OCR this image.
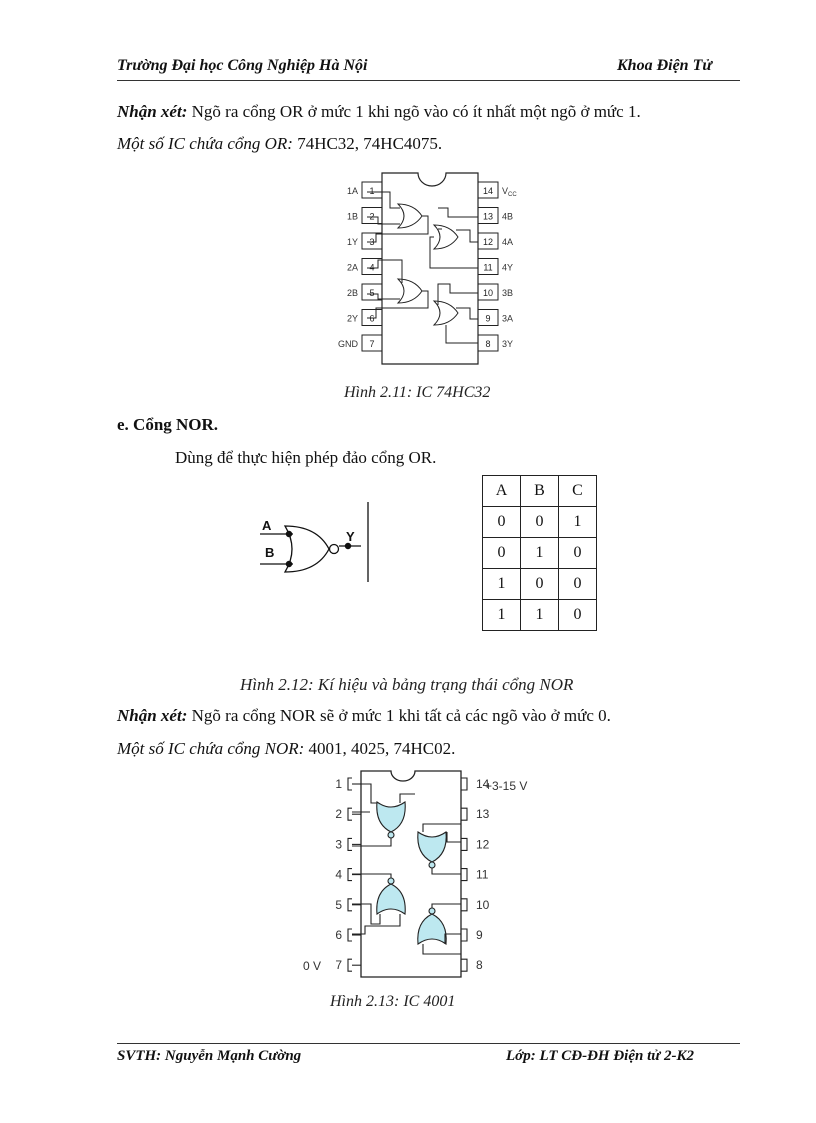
Trường Đại học Công Nghiệp Hà Nội	Khoa Điện Tử
Nhận xét: Ngõ ra cổng OR ở mức 1 khi ngõ vào có ít nhất một ngõ ở mức 1.
Một số IC chứa cổng OR: 74HC32, 74HC4075.
1
1A
2
1B
3
1Y
4
2A
5
2B
6
2Y
7
GND
14 $V_{CC}$
13 4B
12 4A
11 4Y
10 3B
9 3A
8 3Y
Hình 2.11: IC 74HC32
e. Cổng NOR.
Dùng để thực hiện phép đảo cổng OR.
A
B
Y
A	B	C
0	0	1
0	1	0
1	0	0
1	1	0
Hình 2.12: Kí hiệu và bảng trạng thái cổng NOR
Nhận xét: Ngõ ra cổng NOR sẽ ở mức 1 khi tất cả các ngõ vào ở mức 0.
Một số IC chứa cổng NOR: 4001, 4025, 74HC02.
1
2
3
4
5
6
7
14
13
12
11
10
9
8
+3-15 V
0 V
Hình 2.13: IC 4001
SVTH: Nguyễn Mạnh Cường	Lớp: LT CĐ-ĐH Điện tử 2-K2
